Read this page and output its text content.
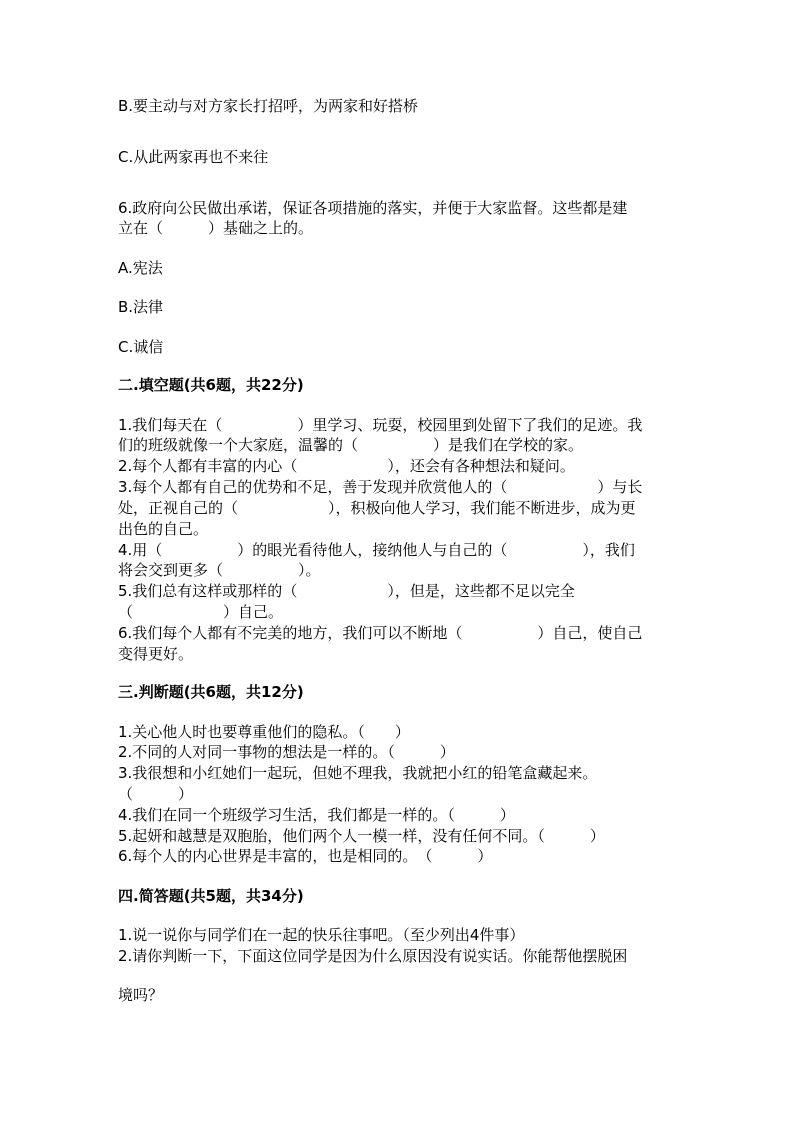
B.要主动与对方家长打招呼，为两家和好搭桥
C.从此两家再也不来往
6.政府向公民做出承诺，保证各项措施的落实，并便于大家监督。这些都是建
立在（　　　）基础之上的。
A.宪法
B.法律
C.诚信
二.填空题(共6题，共22分)
1.我们每天在（　　　　　）里学习、玩耍，校园里到处留下了我们的足迹。我
们的班级就像一个大家庭，温馨的（　　　　　）是我们在学校的家。
2.每个人都有丰富的内心（　　　　　　），还会有各种想法和疑问。
3.每个人都有自己的优势和不足，善于发现并欣赏他人的（　　　　　　）与长
处，正视自己的（　　　　　　），积极向他人学习，我们能不断进步，成为更
出色的自己。
4.用（　　　　　）的眼光看待他人，接纳他人与自己的（　　　　　），我们
将会交到更多（　　　　　）。
5.我们总有这样或那样的（　　　　　　），但是，这些都不足以完全
（　　　　　　）自己。
6.我们每个人都有不完美的地方，我们可以不断地（　　　　　）自己，使自己
变得更好。
三.判断题(共6题，共12分)
1.关心他人时也要尊重他们的隐私。（　　）
2.不同的人对同一事物的想法是一样的。（　　　）
3.我很想和小红她们一起玩，但她不理我，我就把小红的铅笔盒藏起来。
（　　　）
4.我们在同一个班级学习生活，我们都是一样的。（　　　）
5.起妍和越慧是双胞胎，他们两个人一模一样，没有任何不同。（　　　）
6.每个人的内心世界是丰富的，也是相同的。　（　　　）
四.简答题(共5题，共34分)
1.说一说你与同学们在一起的快乐往事吧。（至少列出4件事）
2.请你判断一下，下面这位同学是因为什么原因没有说实话。你能帮他摆脱困
境吗？
